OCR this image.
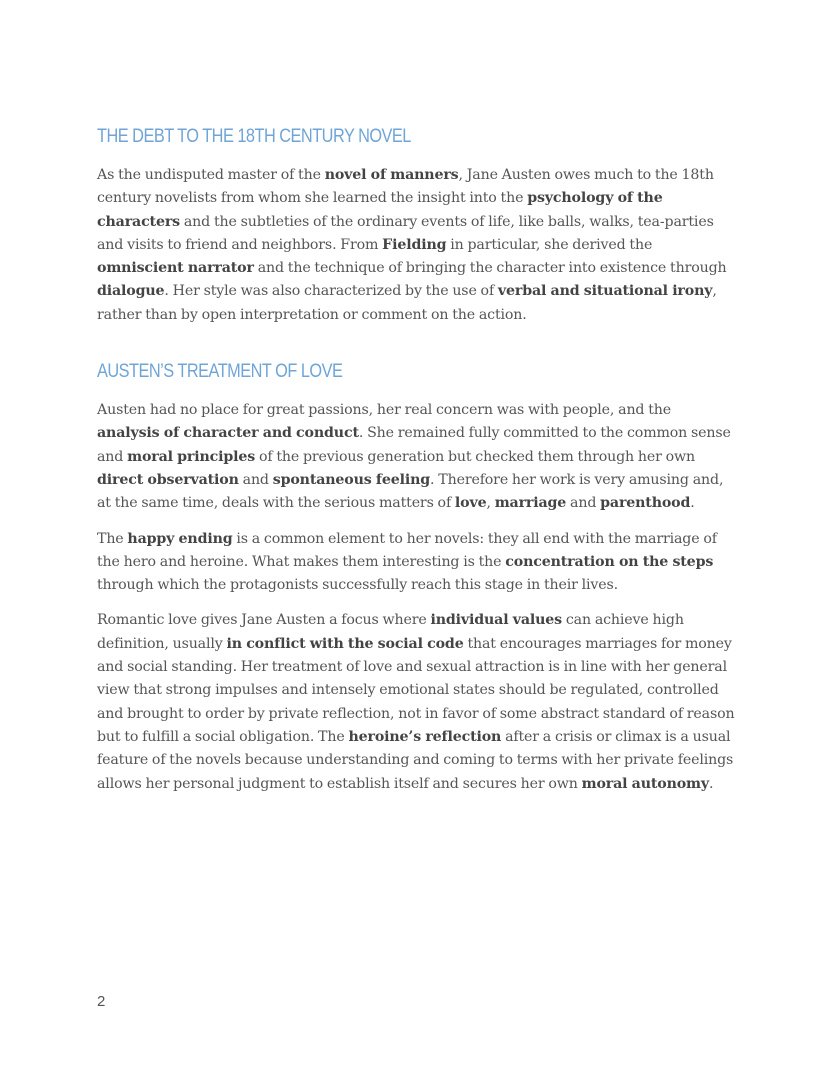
THE DEBT TO THE 18TH CENTURY NOVEL

As the undisputed master of the novel of manners, Jane Austen owes much to the 18th century novelists from whom she learned the insight into the psychology of the characters and the subtleties of the ordinary events of life, like balls, walks, tea-parties and visits to friend and neighbors. From Fielding in particular, she derived the omniscient narrator and the technique of bringing the character into existence through dialogue. Her style was also characterized by the use of verbal and situational irony, rather than by open interpretation or comment on the action.

AUSTEN’S TREATMENT OF LOVE

Austen had no place for great passions, her real concern was with people, and the analysis of character and conduct. She remained fully committed to the common sense and moral principles of the previous generation but checked them through her own direct observation and spontaneous feeling. Therefore her work is very amusing and, at the same time, deals with the serious matters of love, marriage and parenthood.

The happy ending is a common element to her novels: they all end with the marriage of the hero and heroine. What makes them interesting is the concentration on the steps through which the protagonists successfully reach this stage in their lives.

Romantic love gives Jane Austen a focus where individual values can achieve high definition, usually in conflict with the social code that encourages marriages for money and social standing. Her treatment of love and sexual attraction is in line with her general view that strong impulses and intensely emotional states should be regulated, controlled and brought to order by private reflection, not in favor of some abstract standard of reason but to fulfill a social obligation. The heroine’s reflection after a crisis or climax is a usual feature of the novels because understanding and coming to terms with her private feelings allows her personal judgment to establish itself and secures her own moral autonomy.

2
